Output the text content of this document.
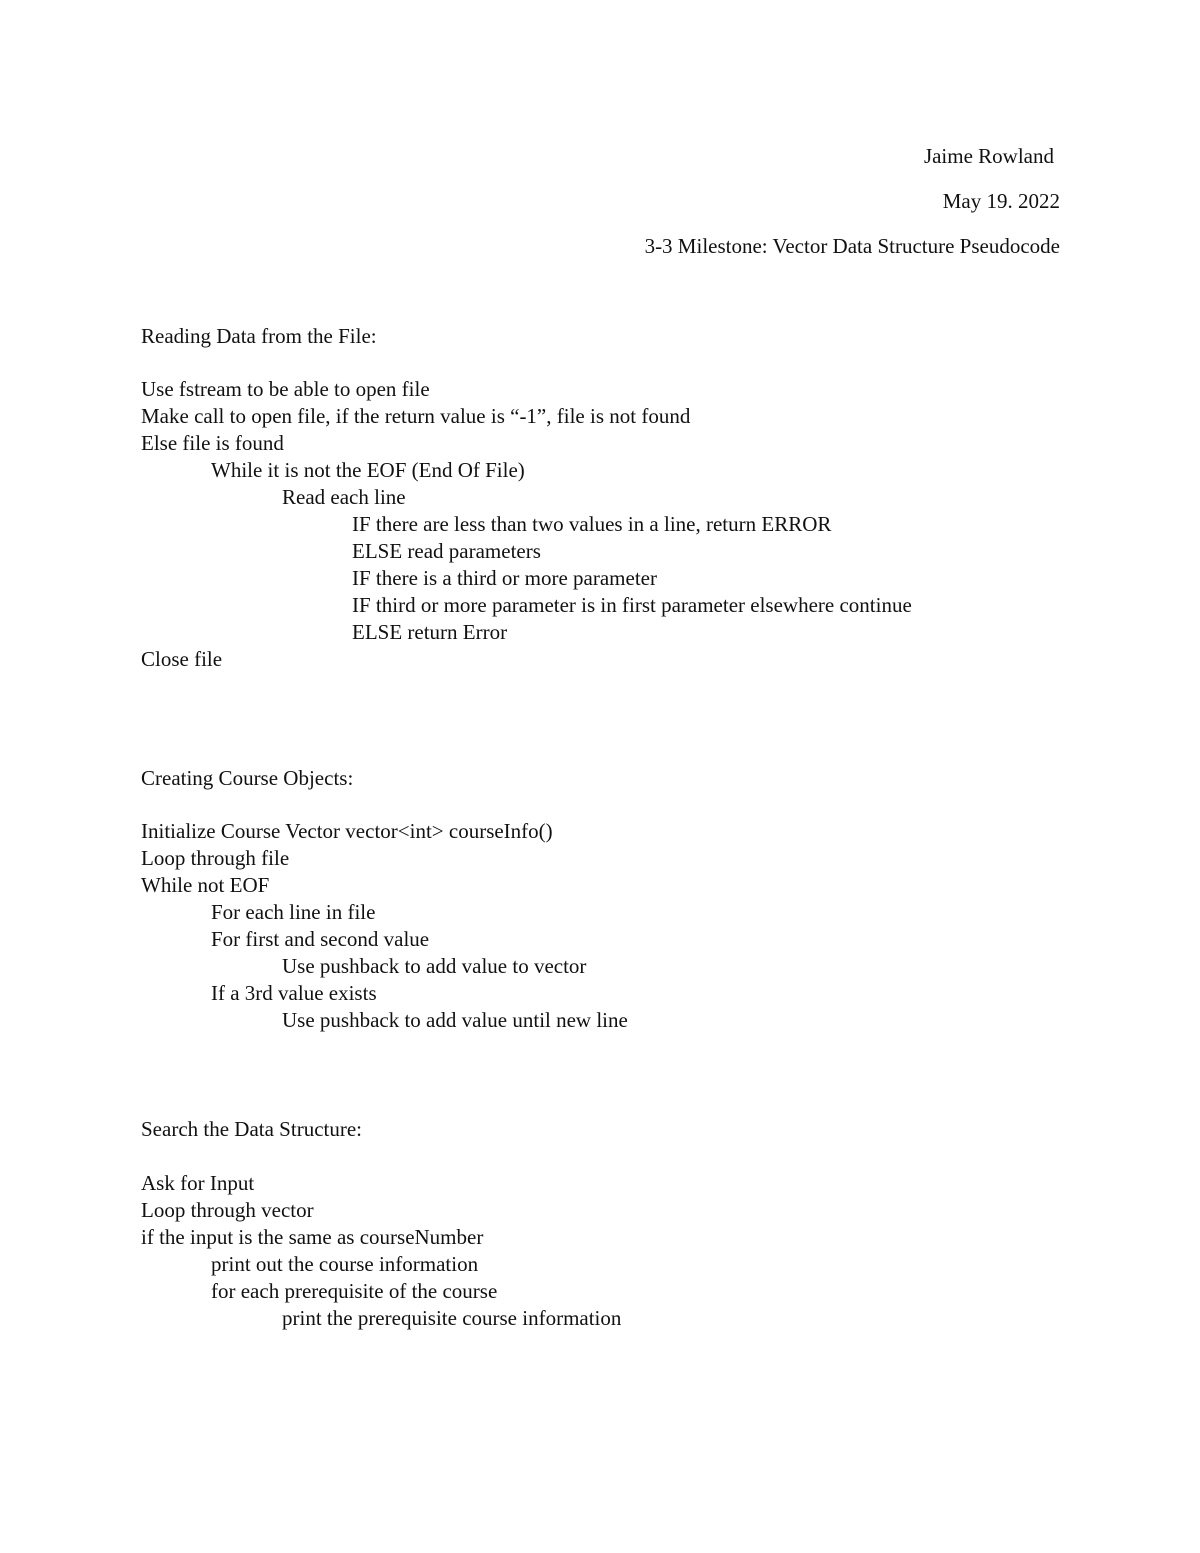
Jaime Rowland
May 19. 2022
3-3 Milestone: Vector Data Structure Pseudocode
Reading Data from the File:
Use fstream to be able to open file
Make call to open file, if the return value is “-1”, file is not found
Else file is found
While it is not the EOF (End Of File)
Read each line
IF there are less than two values in a line, return ERROR
ELSE read parameters
IF there is a third or more parameter
IF third or more parameter is in first parameter elsewhere continue
ELSE return Error
Close file
Creating Course Objects:
Initialize Course Vector vector<int> courseInfo()
Loop through file
While not EOF
For each line in file
For first and second value
Use pushback to add value to vector
If a 3rd value exists
Use pushback to add value until new line
Search the Data Structure:
Ask for Input
Loop through vector
if the input is the same as courseNumber
print out the course information
for each prerequisite of the course
print the prerequisite course information
